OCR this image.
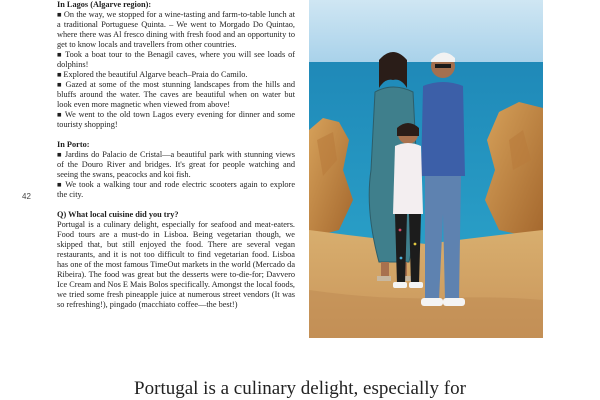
42

In Lagos (Algarve region):

■ On the way, we stopped for a wine-tasting and farm-to-table lunch at a traditional Portuguese Quinta. – We went to Morgado Do Quintao, where there was Al fresco dining with fresh food and an opportunity to get to know locals and travellers from other countries.

■ Took a boat tour to the Benagil caves, where you will see loads of dolphins!

■ Explored the beautiful Algarve beach–Praia do Camilo.

■ Gazed at some of the most stunning landscapes from the hills and bluffs around the water. The caves are beautiful when on water but look even more magnetic when viewed from above!

■ We went to the old town Lagos every evening for dinner and some touristy shopping!

In Porto:

■ Jardins do Palacio de Cristal—a beautiful park with stunning views of the Douro River and bridges. It's great for people watching and seeing the swans, peacocks and koi fish.

■ We took a walking tour and rode electric scooters again to explore the city.

Q) What local cuisine did you try?

Portugal is a culinary delight, especially for seafood and meat-eaters. Food tours are a must-do in Lisboa. Being vegetarian though, we skipped that, but still enjoyed the food. There are several vegan restaurants, and it is not too difficult to find vegetarian food. Lisboa has one of the most famous TimeOut markets in the world (Mercado da Ribeira). The food was great but the desserts were to-die-for; Davvero Ice Cream and Nos E Mais Bolos specifically. Amongst the local foods, we tried some fresh pineapple juice at numerous street vendors (It was so refreshing!), pingado (macchiato coffee—the best!)

Portugal is a culinary delight, especially for
